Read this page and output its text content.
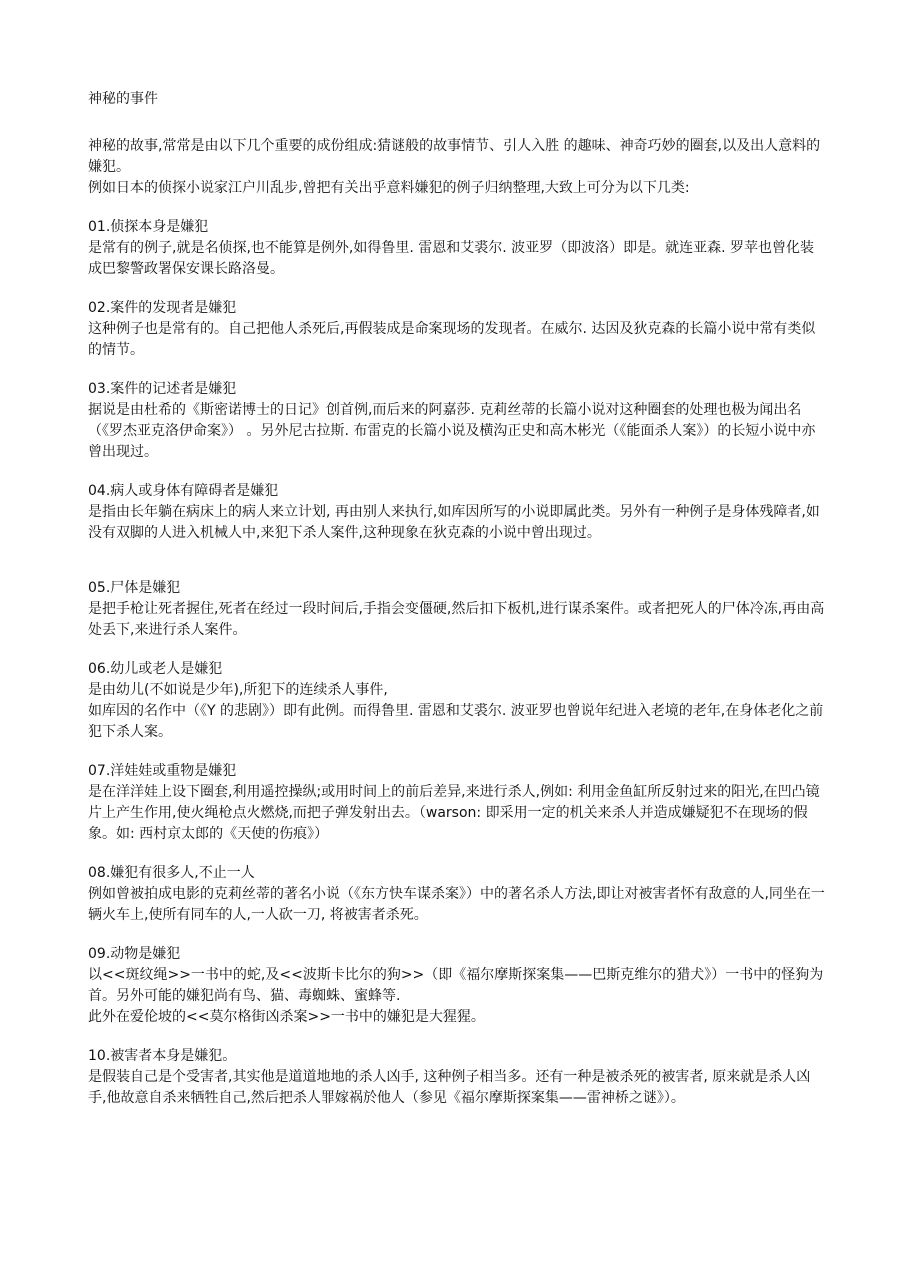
神秘的事件

神秘的故事,常常是由以下几个重要的成份组成:猜谜般的故事情节、引人入胜 的趣味、神奇巧妙的圈套,以及出人意料的嫌犯。

例如日本的侦探小说家江户川乱步,曾把有关出乎意料嫌犯的例子归纳整理,大致上可分为以下几类:

01.侦探本身是嫌犯

是常有的例子,就是名侦探,也不能算是例外,如得鲁里. 雷恩和艾裘尔. 波亚罗（即波洛）即是。就连亚森. 罗苹也曾化装成巴黎警政署保安课长路洛曼。

02.案件的发现者是嫌犯

这种例子也是常有的。自己把他人杀死后,再假装成是命案现场的发现者。在威尔. 达因及狄克森的长篇小说中常有类似的情节。

03.案件的记述者是嫌犯

据说是由杜希的《斯密诺博士的日记》创首例,而后来的阿嘉莎. 克莉丝蒂的长篇小说对这种圈套的处理也极为闻出名（《罗杰亚克洛伊命案》） 。另外尼古拉斯. 布雷克的长篇小说及横沟正史和高木彬光（《能面杀人案》）的长短小说中亦曾出现过。

04.病人或身体有障碍者是嫌犯

是指由长年躺在病床上的病人来立计划, 再由别人来执行,如库因所写的小说即属此类。另外有一种例子是身体残障者,如没有双脚的人进入机械人中,来犯下杀人案件,这种现象在狄克森的小说中曾出现过。

05.尸体是嫌犯

是把手枪让死者握住,死者在经过一段时间后,手指会变僵硬,然后扣下板机,进行谋杀案件。或者把死人的尸体冷冻,再由高处丢下,来进行杀人案件。

06.幼儿或老人是嫌犯

是由幼儿(不如说是少年),所犯下的连续杀人事件,

如库因的名作中（《Y 的悲剧》）即有此例。而得鲁里. 雷恩和艾裘尔. 波亚罗也曾说年纪进入老境的老年,在身体老化之前犯下杀人案。

07.洋娃娃或重物是嫌犯

是在洋洋娃上设下圈套,利用遥控操纵;或用时间上的前后差异,来进行杀人,例如: 利用金鱼缸所反射过来的阳光,在凹凸镜片上产生作用,使火绳枪点火燃烧,而把子弹发射出去。（warson: 即采用一定的机关来杀人并造成嫌疑犯不在现场的假象。如: 西村京太郎的《天使的伤痕》）

08.嫌犯有很多人,不止一人

例如曾被拍成电影的克莉丝蒂的著名小说（《东方快车谋杀案》）中的著名杀人方法,即让对被害者怀有敌意的人,同坐在一辆火车上,使所有同车的人,一人砍一刀, 将被害者杀死。

09.动物是嫌犯

以<<斑纹绳>>一书中的蛇,及<<波斯卡比尔的狗>>（即《福尔摩斯探案集——巴斯克维尔的猎犬》）一书中的怪狗为首。另外可能的嫌犯尚有鸟、猫、毒蜘蛛、蜜蜂等.

此外在爱伦坡的<<莫尔格街凶杀案>>一书中的嫌犯是大猩猩。

10.被害者本身是嫌犯。

是假装自己是个受害者,其实他是道道地地的杀人凶手, 这种例子相当多。还有一种是被杀死的被害者, 原来就是杀人凶手,他故意自杀来牺牲自己,然后把杀人罪嫁祸於他人（参见《福尔摩斯探案集——雷神桥之谜》）。
